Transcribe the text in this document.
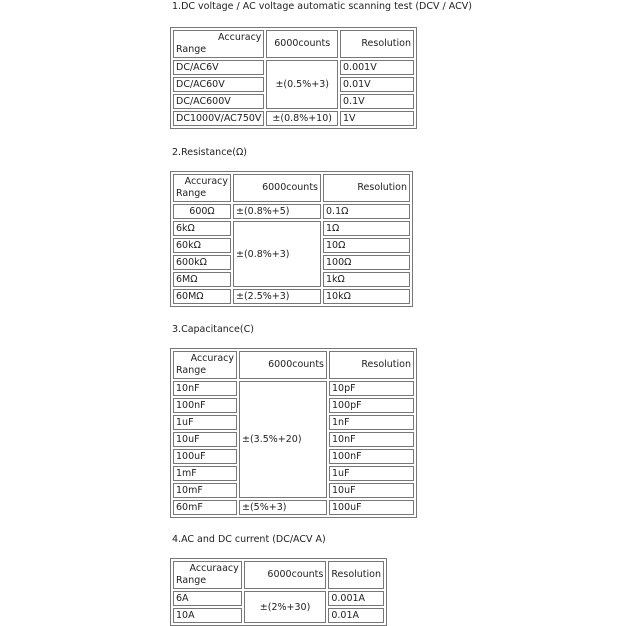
1.DC voltage / AC voltage automatic scanning test (DCV / ACV)
Accuracy
Range	6000counts	Resolution
DC/AC6V	±(0.5%+3)	0.001V
DC/AC60V		0.01V
DC/AC600V		0.1V
DC1000V/AC750V	±(0.8%+10)	1V
2.Resistance(Ω)
Accuracy
Range	6000counts	Resolution
600Ω	±(0.8%+5)	0.1Ω
6kΩ	±(0.8%+3)	1Ω
60kΩ		10Ω
600kΩ		100Ω
6MΩ		1kΩ
60MΩ	±(2.5%+3)	10kΩ
3.Capacitance(C)
Accuracy
Range	6000counts	Resolution
10nF	±(3.5%+20)	10pF
100nF		100pF
1uF		1nF
10uF		10nF
100uF		100nF
1mF		1uF
10mF		10uF
60mF	±(5%+3)	100uF
4.AC and DC current (DC/ACV A)
Accuraacy
Range	6000counts	Resolution
6A	±(2%+30)	0.001A
10A		0.01A
